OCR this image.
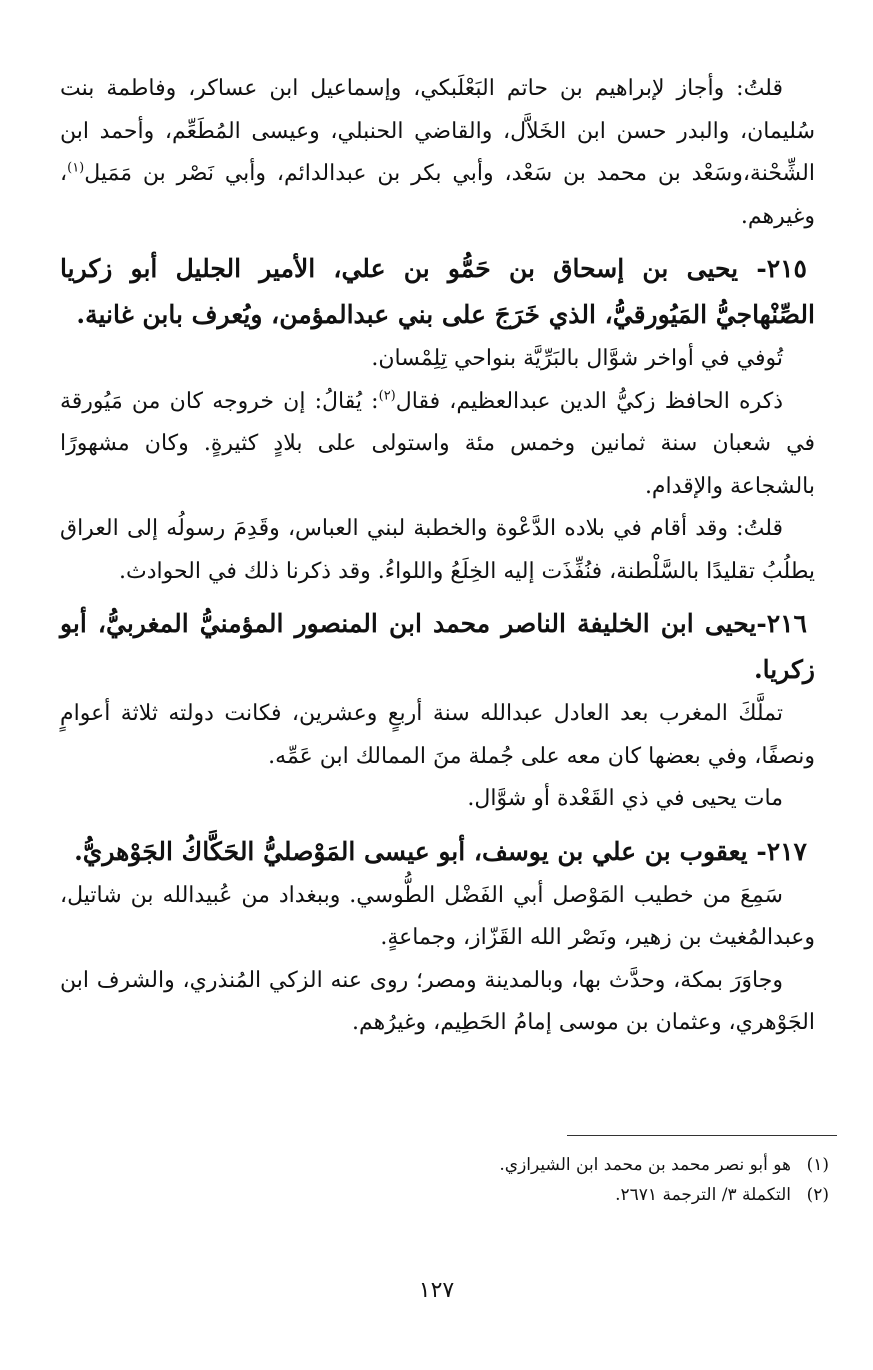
قلتُ: وأجاز لإبراهيم بن حاتم البَعْلَبكي، وإسماعيل ابن عساكر، وفاطمة بنت سُليمان، والبدر حسن ابن الخَلاَّل، والقاضي الحنبلي، وعيسى المُطَعِّم، وأحمد ابن الشِّحْنة،وسَعْد بن محمد بن سَعْد، وأبي بكر بن عبدالدائم، وأبي نَصْر بن مَمَيل$^{(١)}$، وغيرهم.

٢١٥- يحيى بن إسحاق بن حَمُّو بن علي، الأمير الجليل أبو زكريا الصِّنْهاجيُّ المَيُورقيُّ، الذي خَرَجَ على بني عبدالمؤمن، ويُعرف بابن غانية.

تُوفي في أواخر شوَّال بالبَرِّيَّة بنواحي تِلِمْسان.

ذكره الحافظ زكيُّ الدين عبدالعظيم، فقال$^{(٢)}$: يُقالُ: إن خروجه كان من مَيُورقة في شعبان سنة ثمانين وخمس مئة واستولى على بلادٍ كثيرةٍ. وكان مشهورًا بالشجاعة والإقدام.

قلتُ: وقد أقام في بلاده الدَّعْوة والخطبة لبني العباس، وقَدِمَ رسولُه إلى العراق يطلُبُ تقليدًا بالسَّلْطنة، فنُفِّذَت إليه الخِلَعُ واللواءُ. وقد ذكرنا ذلك في الحوادث.

٢١٦-يحيى ابن الخليفة الناصر محمد ابن المنصور المؤمنيُّ المغربيُّ، أبو زكريا.

تملَّكَ المغرب بعد العادل عبدالله سنة أربعٍ وعشرين، فكانت دولته ثلاثة أعوامٍ ونصفًا، وفي بعضها كان معه على جُملة منَ الممالك ابن عَمِّه.

مات يحيى في ذي القَعْدة أو شوَّال.

٢١٧- يعقوب بن علي بن يوسف، أبو عيسى المَوْصليُّ الحَكَّاكُ الجَوْهريُّ.

سَمِعَ من خطيب المَوْصل أبي الفَضْل الطُّوسي. وببغداد من عُبيدالله بن شاتيل، وعبدالمُغيث بن زهير، ونَصْر الله القَزّاز، وجماعةٍ.

وجاوَرَ بمكة، وحدَّث بها، وبالمدينة ومصر؛ روى عنه الزكي المُنذري، والشرف ابن الجَوْهري، وعثمان بن موسى إمامُ الحَطِيم، وغيرُهم.

(١)هو أبو نصر محمد بن محمد ابن الشيرازي.
(٢)التكملة ٣/ الترجمة ٢٦٧١.
١٢٧
